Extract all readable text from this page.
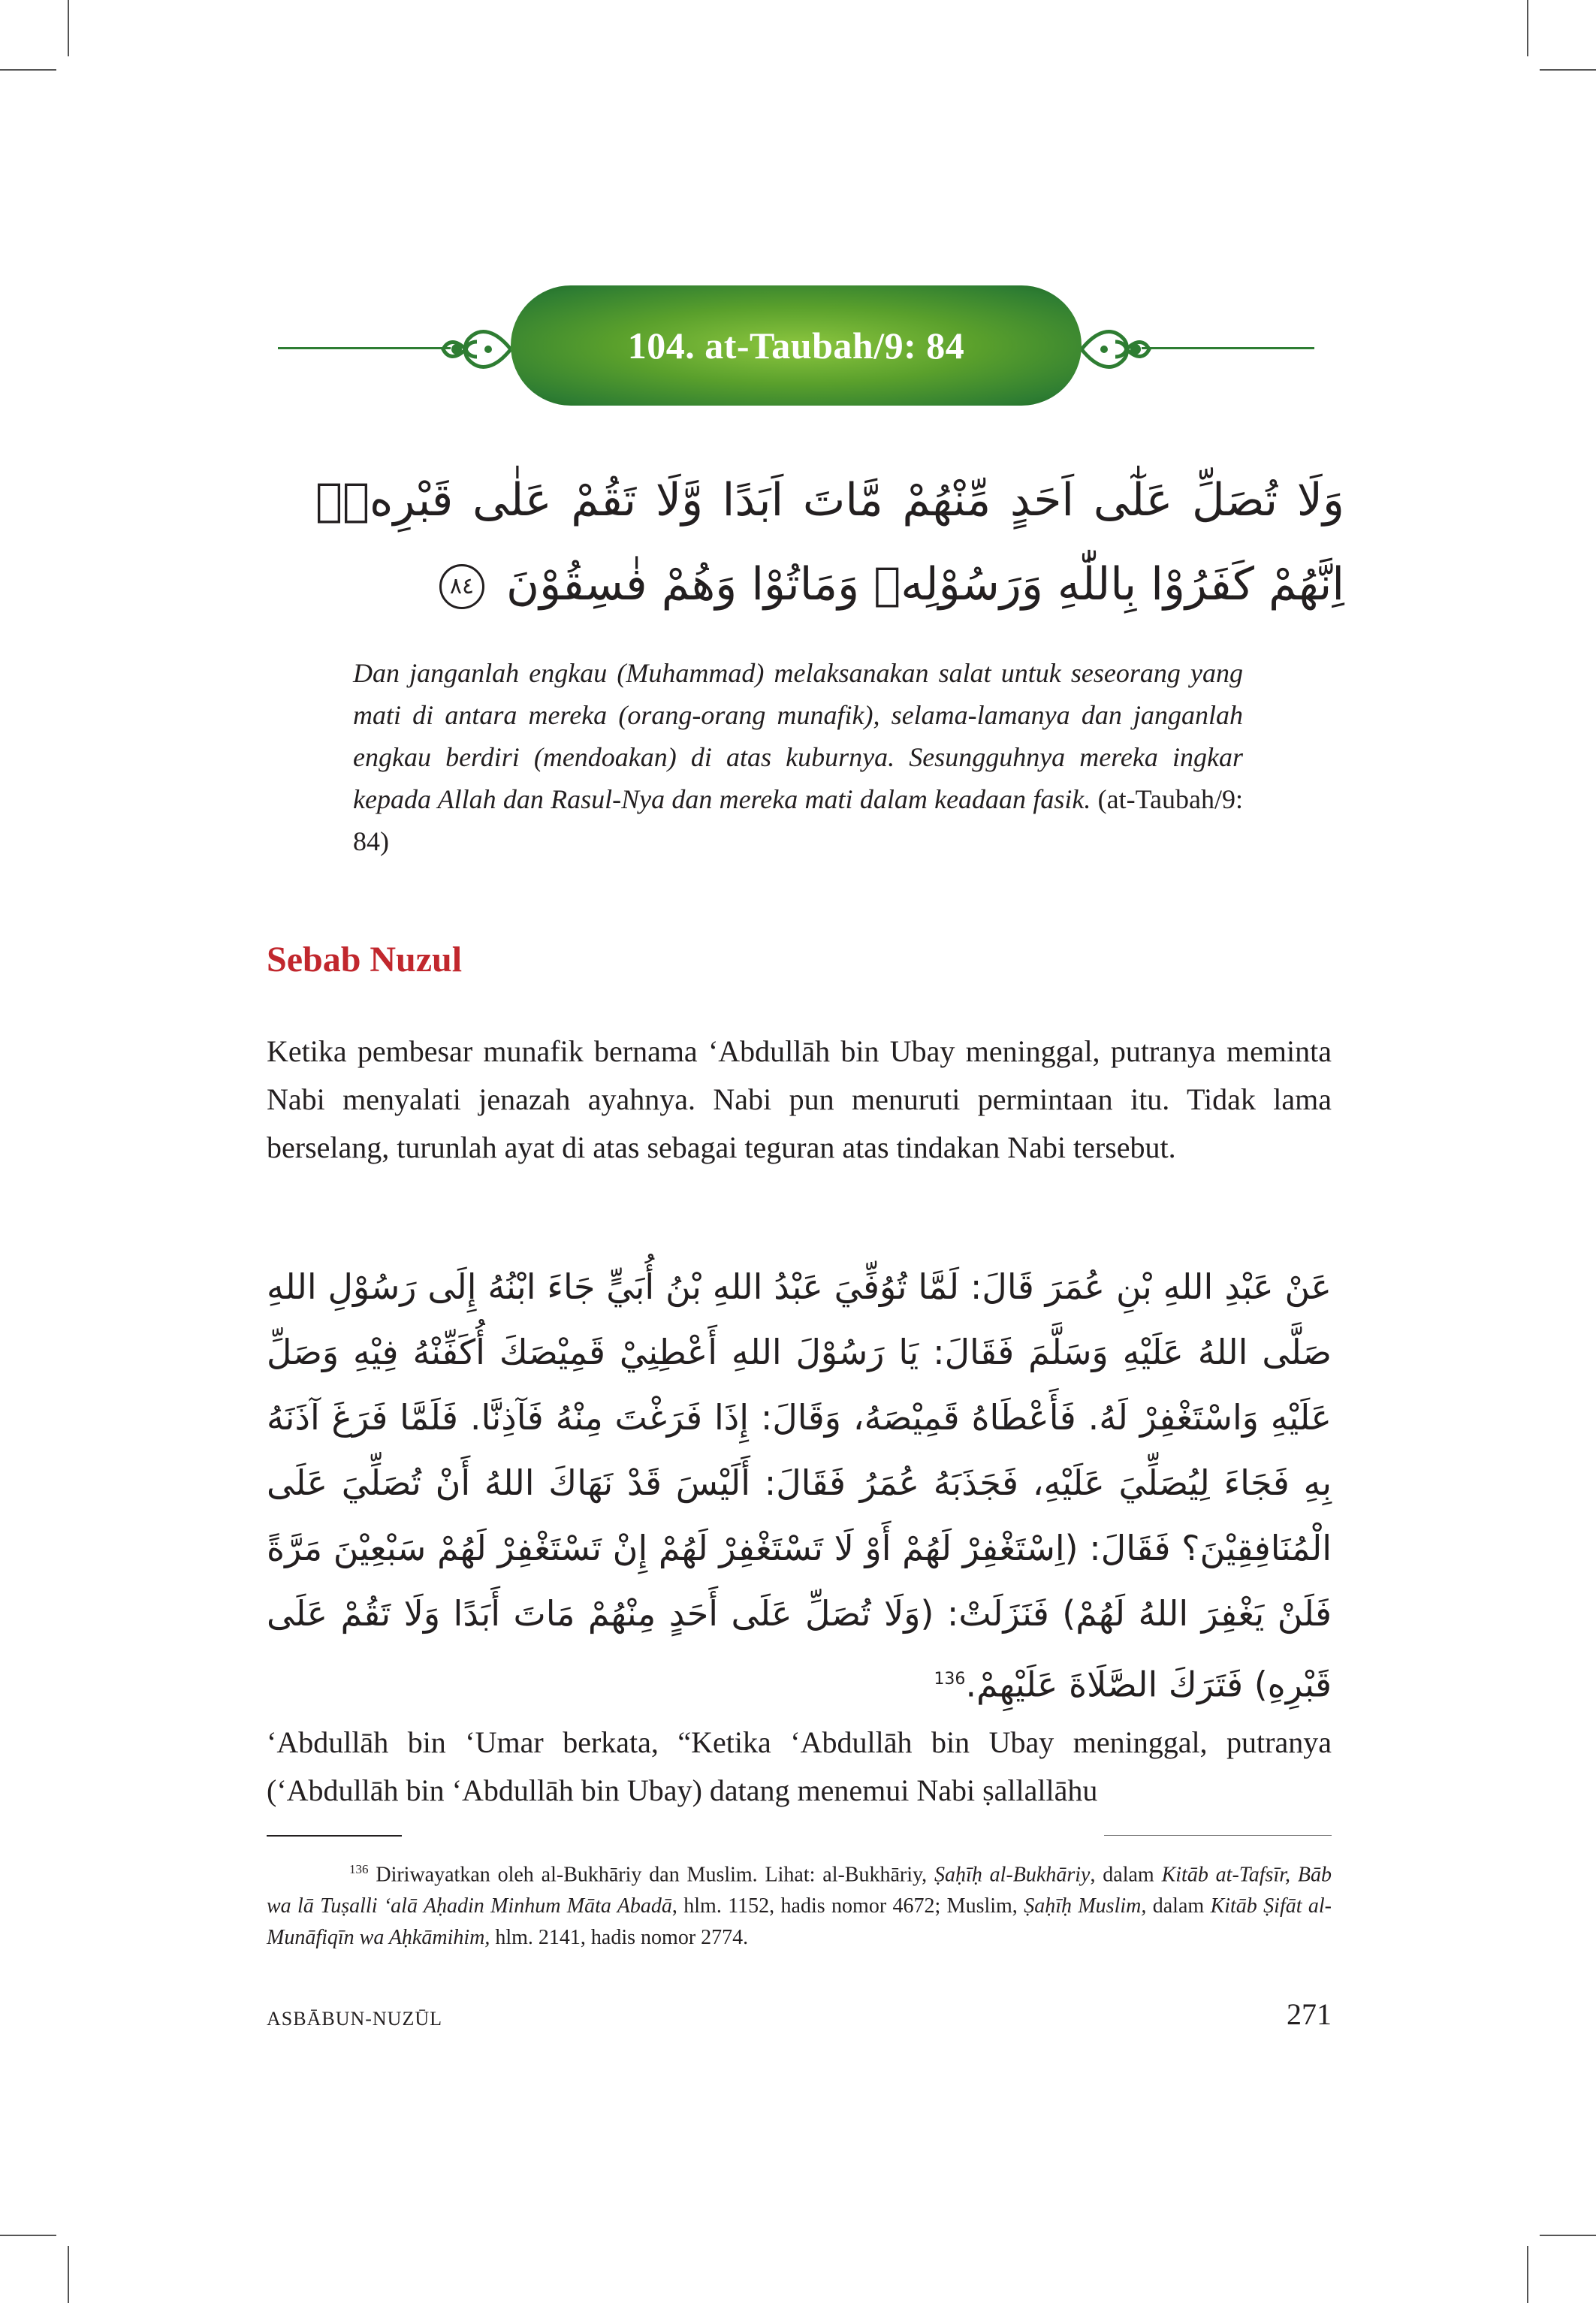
104. at-Taubah/9: 84
وَلَا تُصَلِّ عَلٰٓى اَحَدٍ مِّنْهُمْ مَّاتَ اَبَدًا وَّلَا تَقُمْ عَلٰى قَبْرِهٖۗ اِنَّهُمْ كَفَرُوْا بِاللّٰهِ وَرَسُوْلِهٖ وَمَاتُوْا وَهُمْ فٰسِقُوْنَ ٨٤
Dan janganlah engkau (Muhammad) melaksanakan salat untuk seseorang yang mati di antara mereka (orang-orang munafik), selama-lamanya dan janganlah engkau berdiri (mendoakan) di atas kuburnya. Sesungguhnya mereka ingkar kepada Allah dan Rasul-Nya dan mereka mati dalam keadaan fasik. (at-Taubah/9: 84)
Sebab Nuzul
Ketika pembesar munafik bernama ʻAbdullāh bin Ubay meninggal, putranya meminta Nabi menyalati jenazah ayahnya. Nabi pun menuruti permintaan itu. Tidak lama berselang, turunlah ayat di atas sebagai teguran atas tindakan Nabi tersebut.
عَنْ عَبْدِ اللهِ بْنِ عُمَرَ قَالَ: لَمَّا تُوُفِّيَ عَبْدُ اللهِ بْنُ أُبَيٍّ جَاءَ ابْنُهُ إِلَى رَسُوْلِ اللهِ صَلَّى اللهُ عَلَيْهِ وَسَلَّمَ فَقَالَ: يَا رَسُوْلَ اللهِ أَعْطِنِيْ قَمِيْصَكَ أُكَفِّنْهُ فِيْهِ وَصَلِّ عَلَيْهِ وَاسْتَغْفِرْ لَهُ. فَأَعْطَاهُ قَمِيْصَهُ، وَقَالَ: إِذَا فَرَغْتَ مِنْهُ فَآذِنَّا. فَلَمَّا فَرَغَ آذَنَهُ بِهِ فَجَاءَ لِيُصَلِّيَ عَلَيْهِ، فَجَذَبَهُ عُمَرُ فَقَالَ: أَلَيْسَ قَدْ نَهَاكَ اللهُ أَنْ تُصَلِّيَ عَلَى الْمُنَافِقِيْنَ؟ فَقَالَ: (اِسْتَغْفِرْ لَهُمْ أَوْ لَا تَسْتَغْفِرْ لَهُمْ إِنْ تَسْتَغْفِرْ لَهُمْ سَبْعِيْنَ مَرَّةً فَلَنْ يَغْفِرَ اللهُ لَهُمْ) فَنَزَلَتْ: (وَلَا تُصَلِّ عَلَى أَحَدٍ مِنْهُمْ مَاتَ أَبَدًا وَلَا تَقُمْ عَلَى قَبْرِهِ) فَتَرَكَ الصَّلَاةَ عَلَيْهِمْ.$^{136}$
ʻAbdullāh bin ʻUmar berkata, “Ketika ʻAbdullāh bin Ubay meninggal, putranya (ʻAbdullāh bin ʻAbdullāh bin Ubay) datang menemui Nabi ṣallallāhu
$^{136}$ Diriwayatkan oleh al-Bukhāriy dan Muslim. Lihat: al-Bukhāriy, Ṣaḥīḥ al-Bukhāriy, dalam Kitāb at-Tafsīr, Bāb wa lā Tuṣalli ʻalā Aḥadin Minhum Māta Abadā, hlm. 1152, hadis nomor 4672; Muslim, Ṣaḥīḥ Muslim, dalam Kitāb Ṣifāt al-Munāfiqīn wa Aḥkāmihim, hlm. 2141, hadis nomor 2774.
ASBĀBUN-NUZŪL	271
